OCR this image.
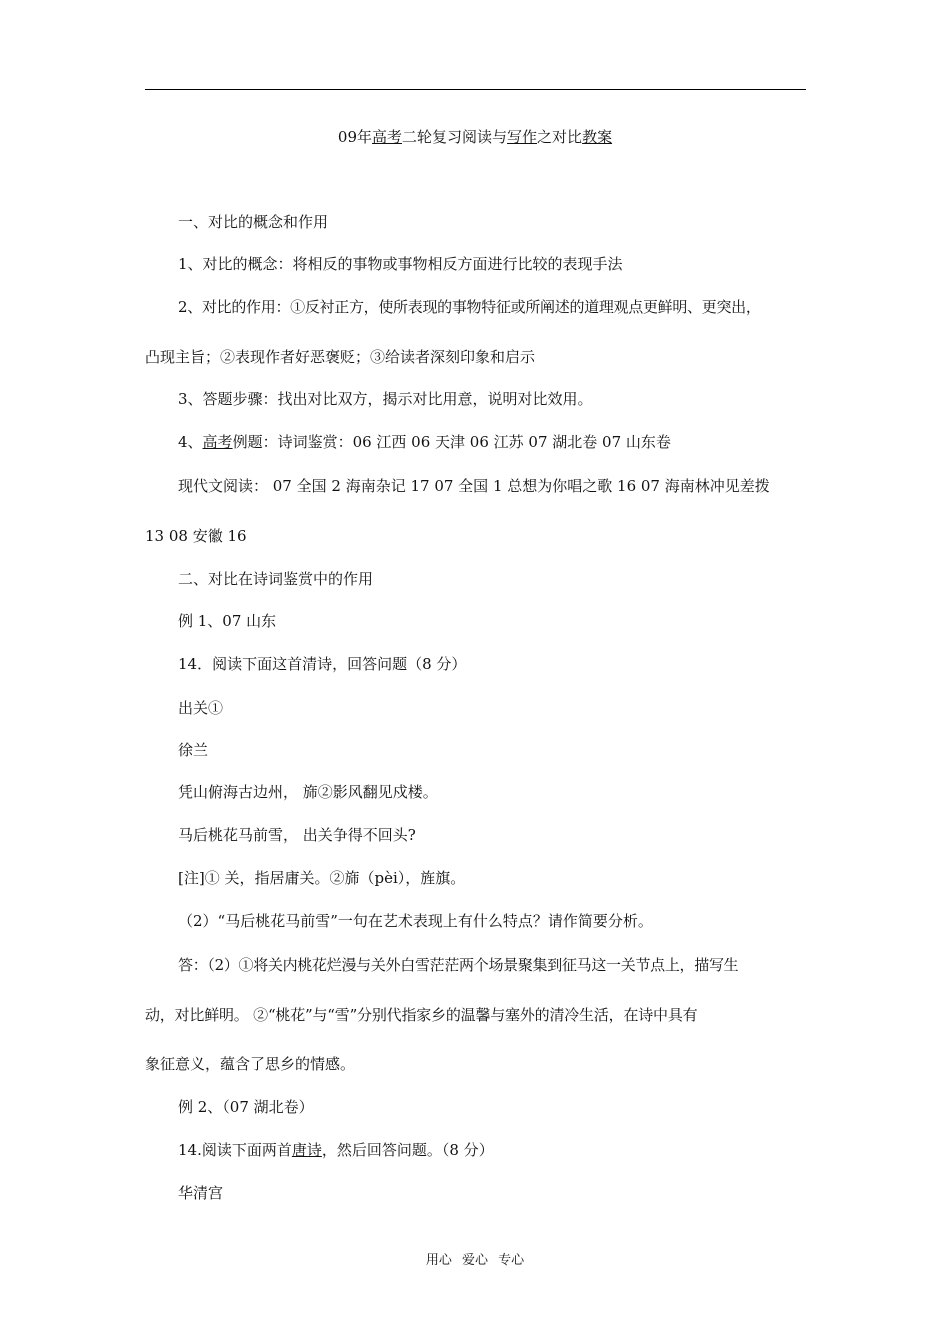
09年高考二轮复习阅读与写作之对比教案
一、对比的概念和作用
1、对比的概念：将相反的事物或事物相反方面进行比较的表现手法
2、对比的作用：①反衬正方，使所表现的事物特征或所阐述的道理观点更鲜明、更突出，
凸现主旨；②表现作者好恶褒贬；③给读者深刻印象和启示
3、答题步骤：找出对比双方，揭示对比用意，说明对比效用。
4、高考例题：诗词鉴赏：06 江西 06 天津 06 江苏 07 湖北卷 07 山东卷
现代文阅读： 07 全国 2 海南杂记 17 07 全国 1 总想为你唱之歌 16 07 海南林冲见差拨
13 08 安徽 16
二、对比在诗词鉴赏中的作用
例 1、07 山东
14．阅读下面这首清诗，回答问题（8 分）
出关①
徐兰
凭山俯海古边州， 旆②影风翻见戍楼。
马后桃花马前雪， 出关争得不回头?
[注]① 关，指居庸关。②旆（pèi），旌旗。
（2）“马后桃花马前雪”一句在艺术表现上有什么特点？请作简要分析。
答：（2）①将关内桃花烂漫与关外白雪茫茫两个场景聚集到征马这一关节点上，描写生
动，对比鲜明。 ②“桃花”与“雪”分别代指家乡的温馨与塞外的清冷生活，在诗中具有
象征意义，蕴含了思乡的情感。
例 2、（07 湖北卷）
14.阅读下面两首唐诗，然后回答问题。（8 分）
华清宫
用心 爱心 专心
